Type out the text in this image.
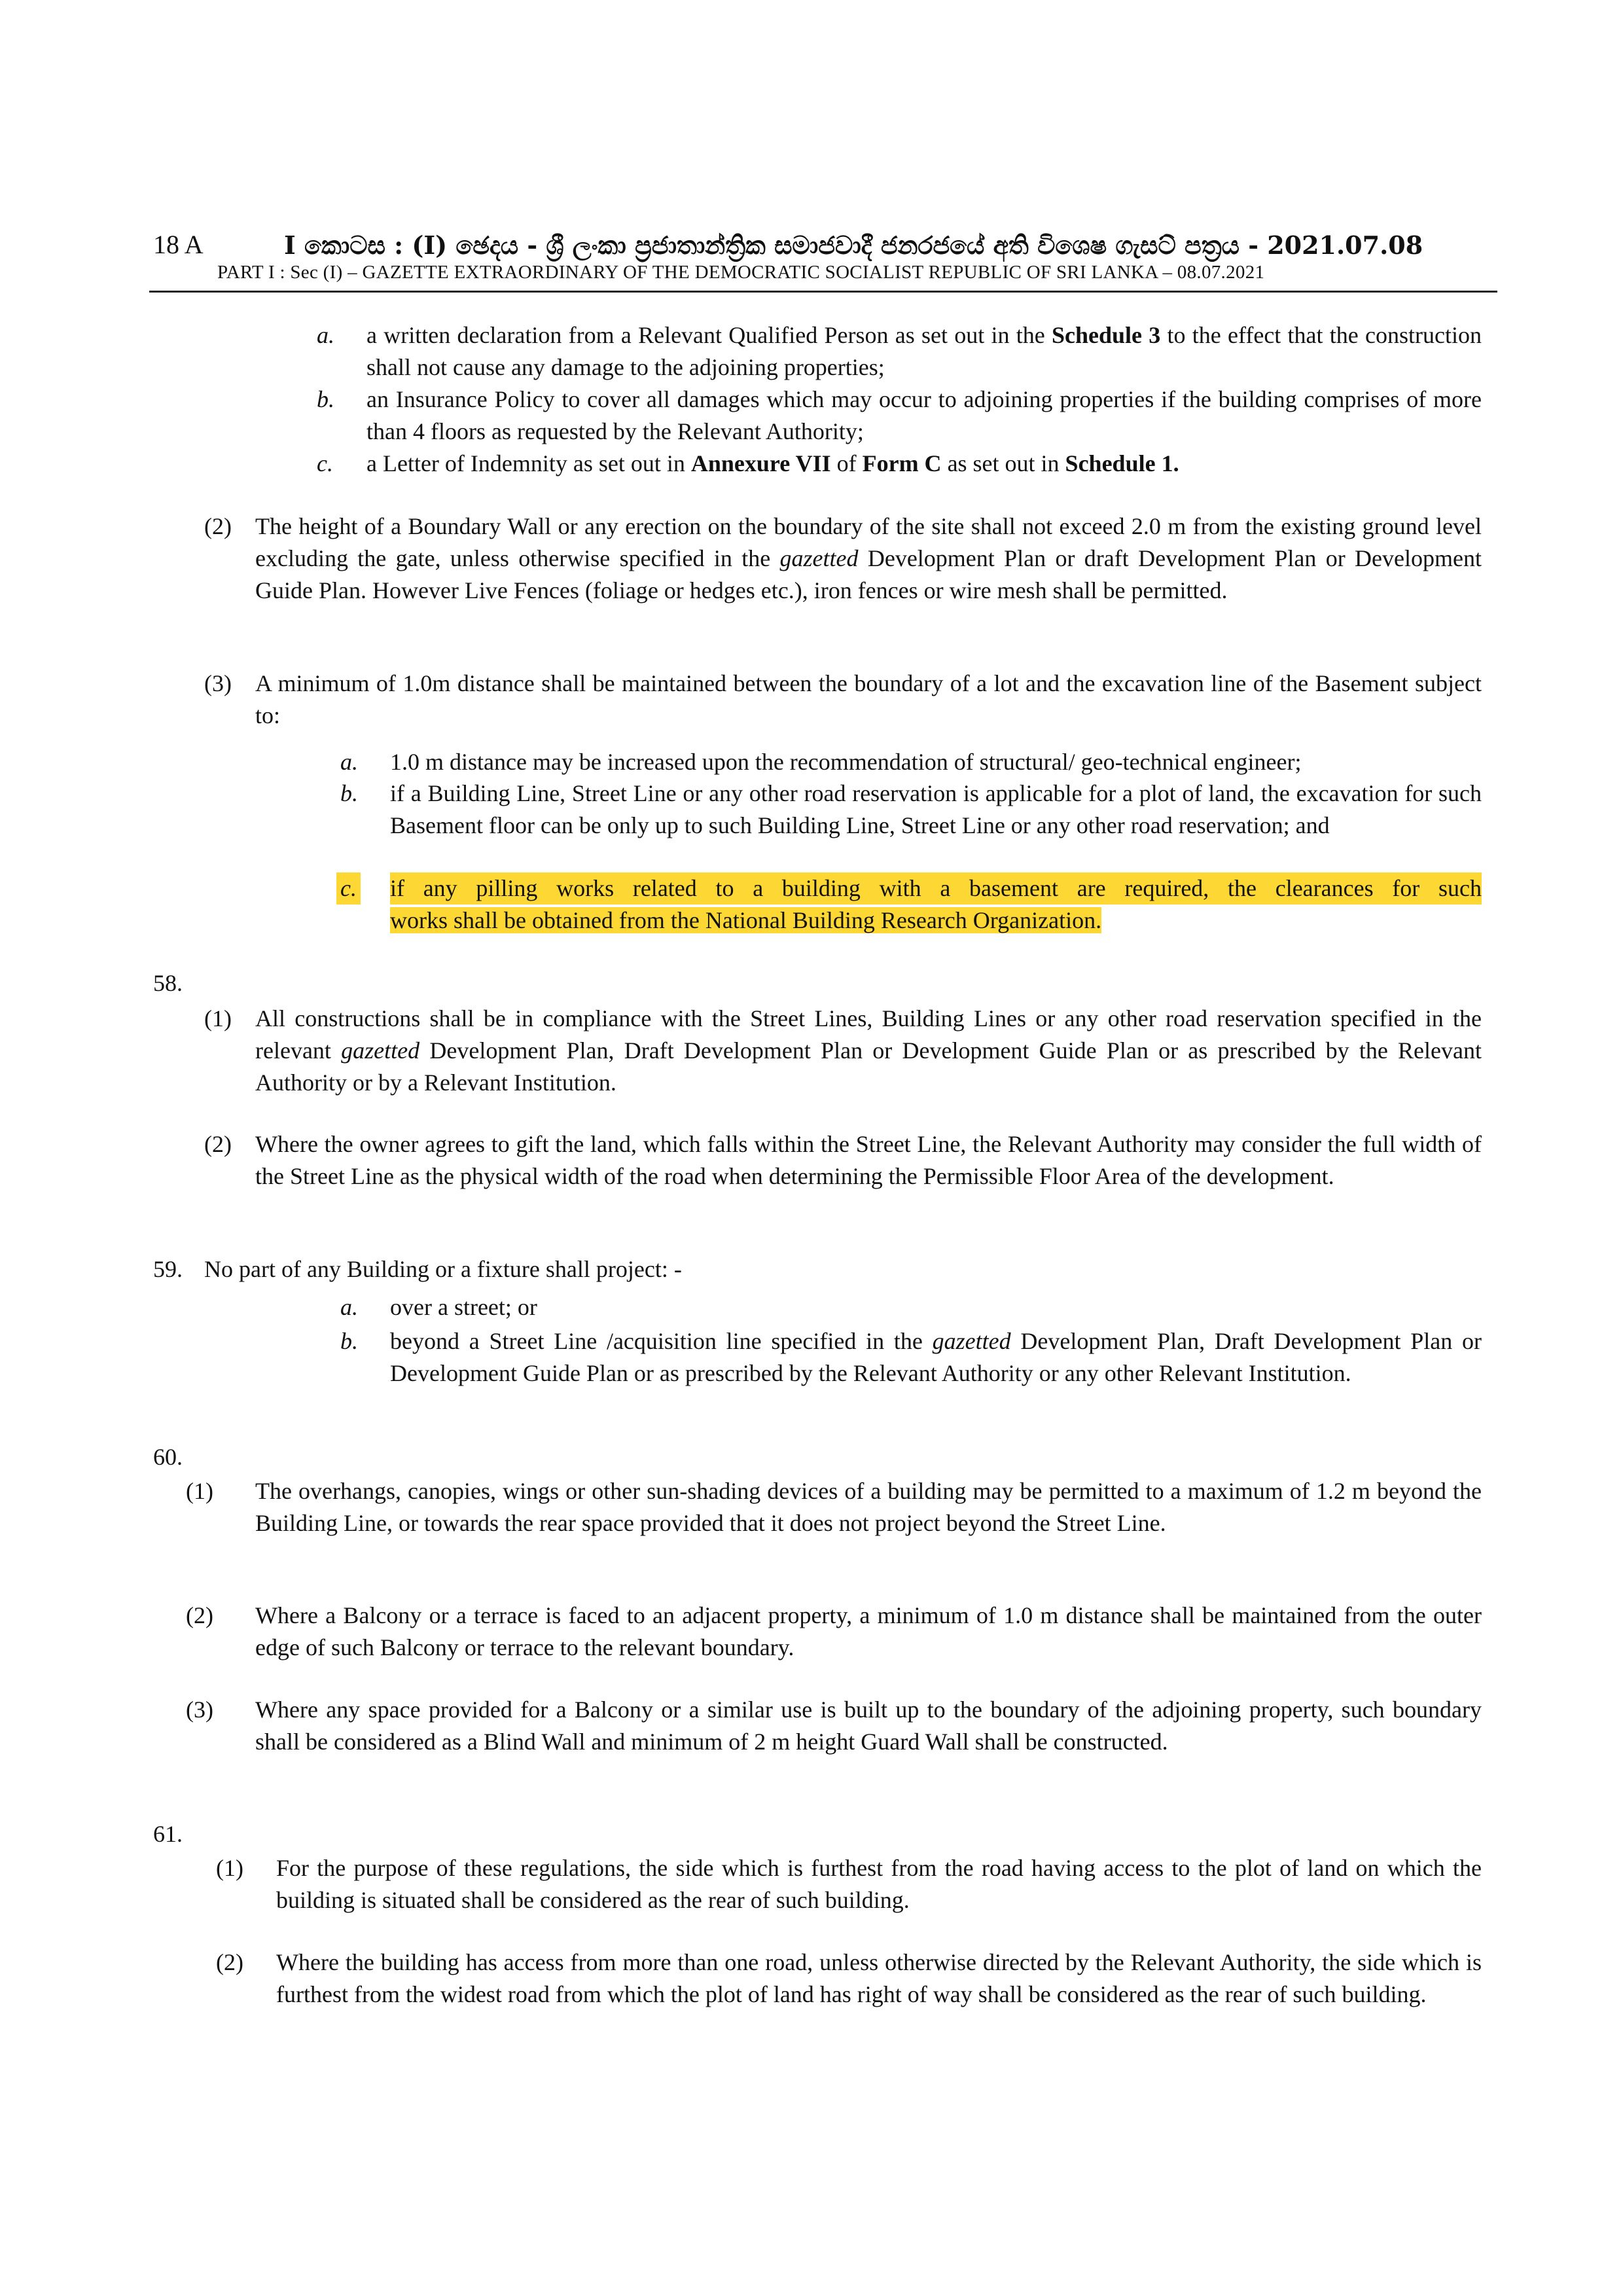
18 A	I කොටස : (I) ඡෙදය - ශ්‍රී ලංකා ප්‍රජාතාන්ත්‍රික සමාජවාදී ජනරජයේ අති විශෙෂ ගැසට් පත්‍රය - 2021.07.08
PART I : Sec (I) – GAZETTE EXTRAORDINARY OF THE DEMOCRATIC SOCIALIST REPUBLIC OF SRI LANKA – 08.07.2021
a. a written declaration from a Relevant Qualified Person as set out in the Schedule 3 to the effect that the construction shall not cause any damage to the adjoining properties;
b. an Insurance Policy to cover all damages which may occur to adjoining properties if the building comprises of more than 4 floors as requested by the Relevant Authority;
c. a Letter of Indemnity as set out in Annexure VII of Form C as set out in Schedule 1.
(2) The height of a Boundary Wall or any erection on the boundary of the site shall not exceed 2.0 m from the existing ground level excluding the gate, unless otherwise specified in the gazetted Development Plan or draft Development Plan or Development Guide Plan. However Live Fences (foliage or hedges etc.), iron fences or wire mesh shall be permitted.
(3) A minimum of 1.0m distance shall be maintained between the boundary of a lot and the excavation line of the Basement subject to:
a. 1.0 m distance may be increased upon the recommendation of structural/ geo-technical engineer;
b. if a Building Line, Street Line or any other road reservation is applicable for a plot of land, the excavation for such Basement floor can be only up to such Building Line, Street Line or any other road reservation; and
c. if any pilling works related to a building with a basement are required, the clearances for such
works shall be obtained from the National Building Research Organization.
58.
(1) All constructions shall be in compliance with the Street Lines, Building Lines or any other road reservation specified in the relevant gazetted Development Plan, Draft Development Plan or Development Guide Plan or as prescribed by the Relevant Authority or by a Relevant Institution.
(2) Where the owner agrees to gift the land, which falls within the Street Line, the Relevant Authority may consider the full width of the Street Line as the physical width of the road when determining the Permissible Floor Area of the development.
59. No part of any Building or a fixture shall project: -
a. over a street; or
b. beyond a Street Line /acquisition line specified in the gazetted Development Plan, Draft Development Plan or Development Guide Plan or as prescribed by the Relevant Authority or any other Relevant Institution.
60.
(1) The overhangs, canopies, wings or other sun-shading devices of a building may be permitted to a maximum of 1.2 m beyond the Building Line, or towards the rear space provided that it does not project beyond the Street Line.
(2) Where a Balcony or a terrace is faced to an adjacent property, a minimum of 1.0 m distance shall be maintained from the outer edge of such Balcony or terrace to the relevant boundary.
(3) Where any space provided for a Balcony or a similar use is built up to the boundary of the adjoining property, such boundary shall be considered as a Blind Wall and minimum of 2 m height Guard Wall shall be constructed.
61.
(1) For the purpose of these regulations, the side which is furthest from the road having access to the plot of land on which the building is situated shall be considered as the rear of such building.
(2) Where the building has access from more than one road, unless otherwise directed by the Relevant Authority, the side which is furthest from the widest road from which the plot of land has right of way shall be considered as the rear of such building.
